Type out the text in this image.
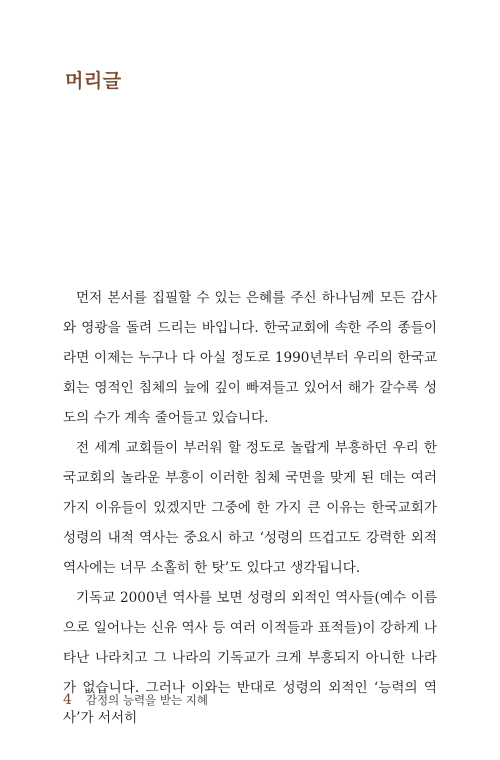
머리글

먼저 본서를 집필할 수 있는 은혜를 주신 하나님께 모든 감사와 영광을 돌려 드리는 바입니다. 한국교회에 속한 주의 종들이라면 이제는 누구나 다 아실 정도로 1990년부터 우리의 한국교회는 영적인 침체의 늪에 깊이 빠져들고 있어서 해가 갈수록 성도의 수가 계속 줄어들고 있습니다.

전 세계 교회들이 부러워 할 정도로 놀랍게 부흥하던 우리 한국교회의 놀라운 부흥이 이러한 침체 국면을 맞게 된 데는 여러 가지 이유들이 있겠지만 그중에 한 가지 큰 이유는 한국교회가 성령의 내적 역사는 중요시 하고 ‘성령의 뜨겁고도 강력한 외적 역사에는 너무 소홀히 한 탓’도 있다고 생각됩니다.

기독교 2000년 역사를 보면 성령의 외적인 역사들(예수 이름으로 일어나는 신유 역사 등 여러 이적들과 표적들)이 강하게 나타난 나라치고 그 나라의 기독교가 크게 부흥되지 아니한 나라가 없습니다. 그러나 이와는 반대로 성령의 외적인 ‘능력의 역사’가 서서히

4 감정의 능력을 받는 지혜
